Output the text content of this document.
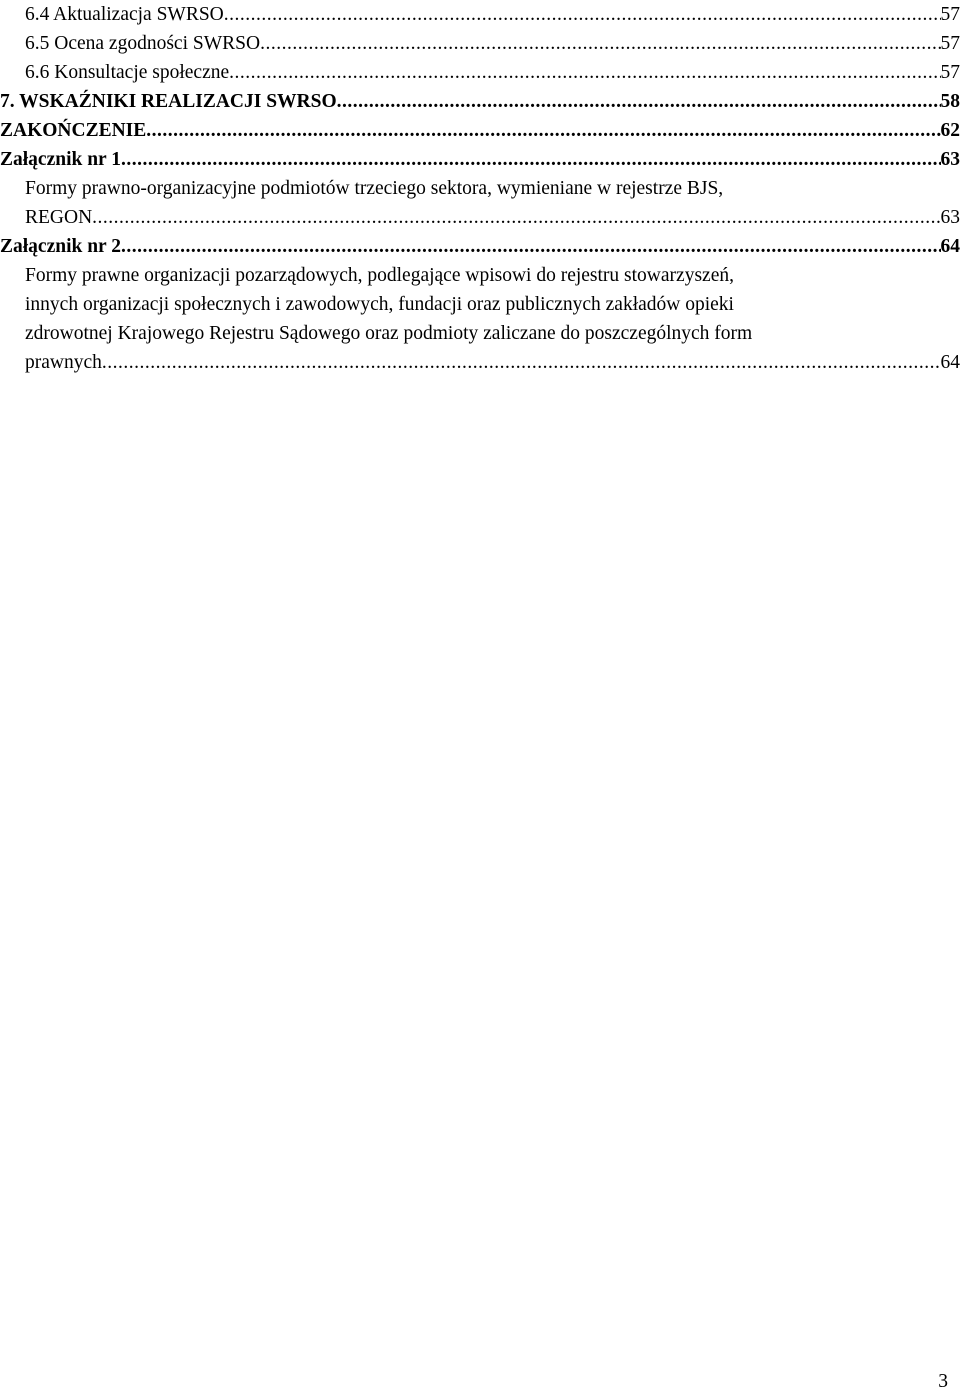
6.4 Aktualizacja SWRSO .....	57
6.5 Ocena zgodności SWRSO .....	57
6.6 Konsultacje społeczne .....	57
7. WSKAŹNIKI REALIZACJI SWRSO .....	58
ZAKOŃCZENIE .....	62
Załącznik nr 1 .....	63
Formy prawno-organizacyjne podmiotów trzeciego sektora, wymieniane w rejestrze BJS,
REGON .....	63
Załącznik nr 2 .....	64
Formy prawne organizacji pozarządowych, podlegające wpisowi do rejestru stowarzyszeń,
innych organizacji społecznych i zawodowych, fundacji oraz publicznych zakładów opieki
zdrowotnej Krajowego Rejestru Sądowego oraz podmioty zaliczane do poszczególnych form
prawnych .....	64
3
